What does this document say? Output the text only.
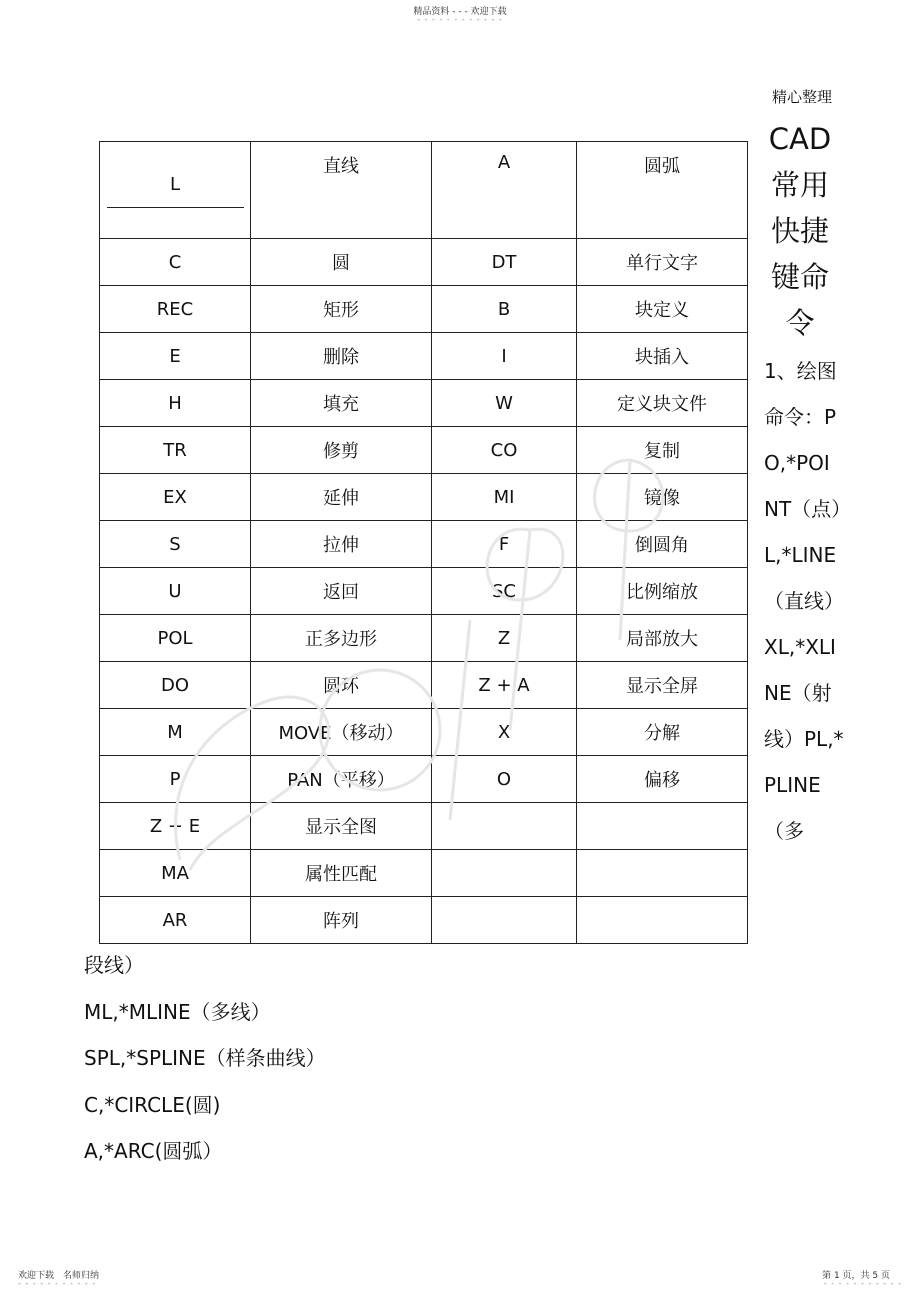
精品资料 - - - 欢迎下载
- - - - - - - - - - - -
精心整理
CAD常用快捷键命令
1、绘图命令：PO,*POINT（点）L,*LINE（直线）XL,*XLINE（射线）PL,*PLINE（多
L	直线	A	圆弧
C	圆	DT	单行文字
REC	矩形	B	块定义
E	删除	I	块插入
H	填充	W	定义块文件
TR	修剪	CO	复制
EX	延伸	MI	镜像
S	拉伸	F	倒圆角
U	返回	SC	比例缩放
POL	正多边形	Z	局部放大
DO	圆环	Z + A	显示全屏
M	MOVE（移动）	X	分解
P	PAN（平移）	O	偏移
Z + E	显示全图		
MA	属性匹配		
AR	阵列		
段线）
ML,*MLINE（多线）
SPL,*SPLINE（样条曲线）
C,*CIRCLE(圆)
A,*ARC(圆弧）
欢迎下载　名师归纳	第 1 页，共 5 页
- - - - - - - - - - -	- - - - - - - - - - -
